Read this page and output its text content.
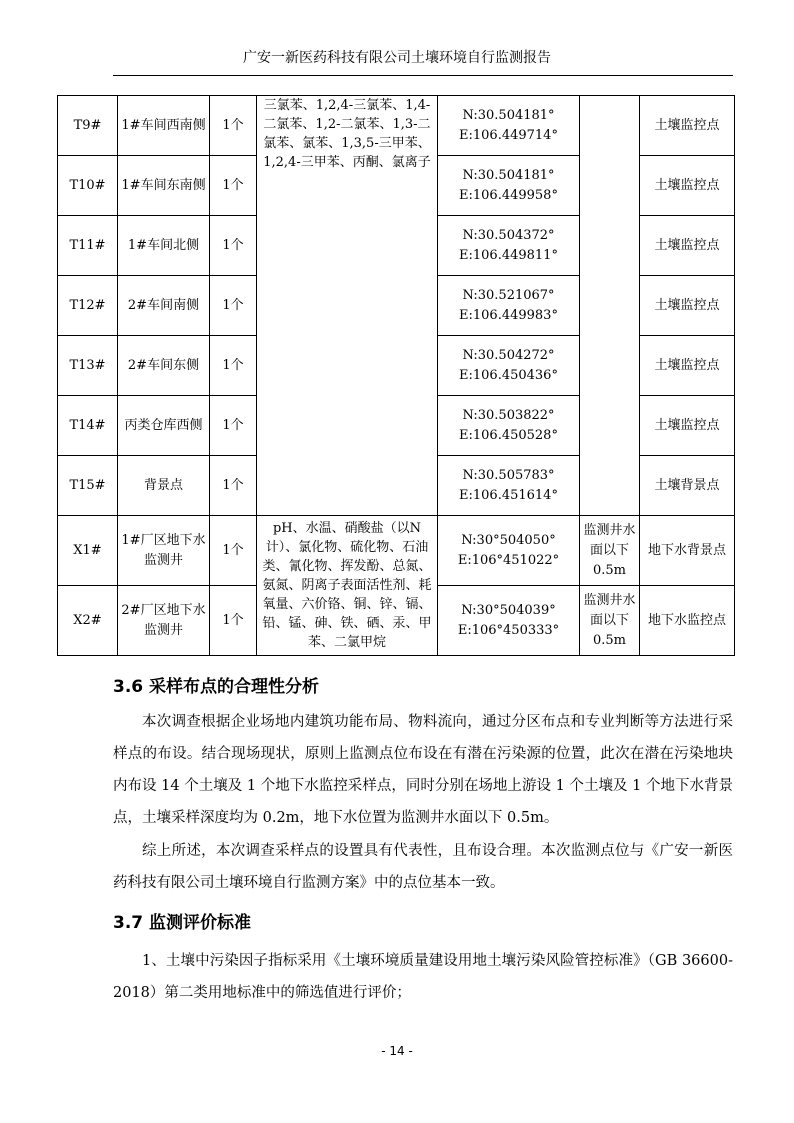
广安一新医药科技有限公司土壤环境自行监测报告
T9#	1#车间西南侧	1个	三氯苯、1,2,4-三氯苯、1,4-二氯苯、1,2-二氯苯、1,3-二氯苯、氯苯、1,3,5-三甲苯、1,2,4-三甲苯、丙酮、氯离子	N:30.504181°
E:106.449714°		土壤监控点
T10#	1#车间东南侧	1个		N:30.504181°
E:106.449958°		土壤监控点
T11#	1#车间北侧	1个		N:30.504372°
E:106.449811°		土壤监控点
T12#	2#车间南侧	1个		N:30.521067°
E:106.449983°		土壤监控点
T13#	2#车间东侧	1个		N:30.504272°
E:106.450436°		土壤监控点
T14#	丙类仓库西侧	1个		N:30.503822°
E:106.450528°		土壤监控点
T15#	背景点	1个		N:30.505783°
E:106.451614°		土壤背景点
X1#	1#厂区地下水监测井	1个	pH、水温、硝酸盐（以N计）、氯化物、硫化物、石油类、氰化物、挥发酚、总氮、氨氮、阴离子表面活性剂、耗氧量、六价铬、铜、锌、镉、铅、锰、砷、铁、硒、汞、甲苯、二氯甲烷	N:30°504050°
E:106°451022°	监测井水面以下 0.5m	地下水背景点
X2#	2#厂区地下水监测井	1个		N:30°504039°
E:106°450333°	监测井水面以下 0.5m	地下水监控点
3.6 采样布点的合理性分析

本次调查根据企业场地内建筑功能布局、物料流向，通过分区布点和专业判断等方法进行采样点的布设。结合现场现状，原则上监测点位布设在有潜在污染源的位置，此次在潜在污染地块内布设 14 个土壤及 1 个地下水监控采样点，同时分别在场地上游设 1 个土壤及 1 个地下水背景点，土壤采样深度均为 0.2m，地下水位置为监测井水面以下 0.5m。

综上所述，本次调查采样点的设置具有代表性，且布设合理。本次监测点位与《广安一新医药科技有限公司土壤环境自行监测方案》中的点位基本一致。

3.7 监测评价标准

1、土壤中污染因子指标采用《土壤环境质量建设用地土壤污染风险管控标准》（GB 36600-2018）第二类用地标准中的筛选值进行评价；

- 14 -
